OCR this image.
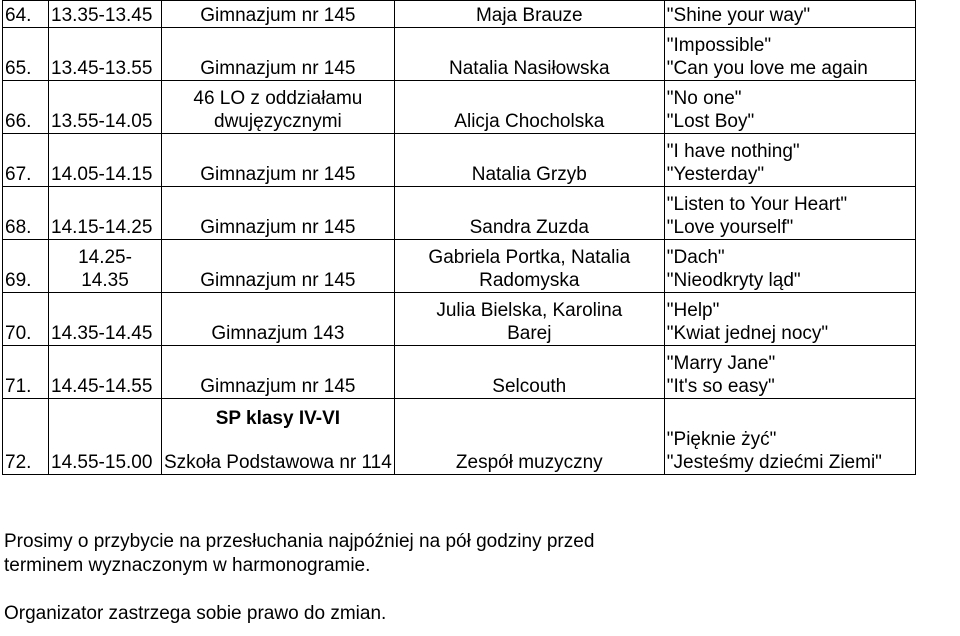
64.	13.35-13.45	Gimnazjum nr 145	Maja Brauze	"Shine your way"

65.	13.45-13.55	Gimnazjum nr 145	Natalia Nasiłowska	"Impossible"
"Can you love me again

66.	13.55-14.05	46 LO z oddziałamu
dwujęzycznymi	Alicja Chocholska	"No one"
"Lost Boy"

67.	14.05-14.15	Gimnazjum nr 145	Natalia Grzyb	"I have nothing"
"Yesterday"

68.	14.15-14.25	Gimnazjum nr 145	Sandra Zuzda	"Listen to Your Heart"
"Love yourself"

69.	14.25-
14.35	Gimnazjum nr 145	Gabriela Portka, Natalia
Radomyska	"Dach"
"Nieodkryty ląd"

70.	14.35-14.45	Gimnazjum 143	Julia Bielska, Karolina
Barej	"Help"
"Kwiat jednej nocy"

71.	14.45-14.55	Gimnazjum nr 145	Selcouth	"Marry Jane"
"It's so easy"

72.	14.55-15.00	SP klasy IV-VI
Szkoła Podstawowa nr 114	Zespół muzyczny	"Pięknie żyć"
"Jesteśmy dziećmi Ziemi"

Prosimy o przybycie na przesłuchania najpóźniej na pół godziny przed
terminem wyznaczonym w harmonogramie.

Organizator zastrzega sobie prawo do zmian.
